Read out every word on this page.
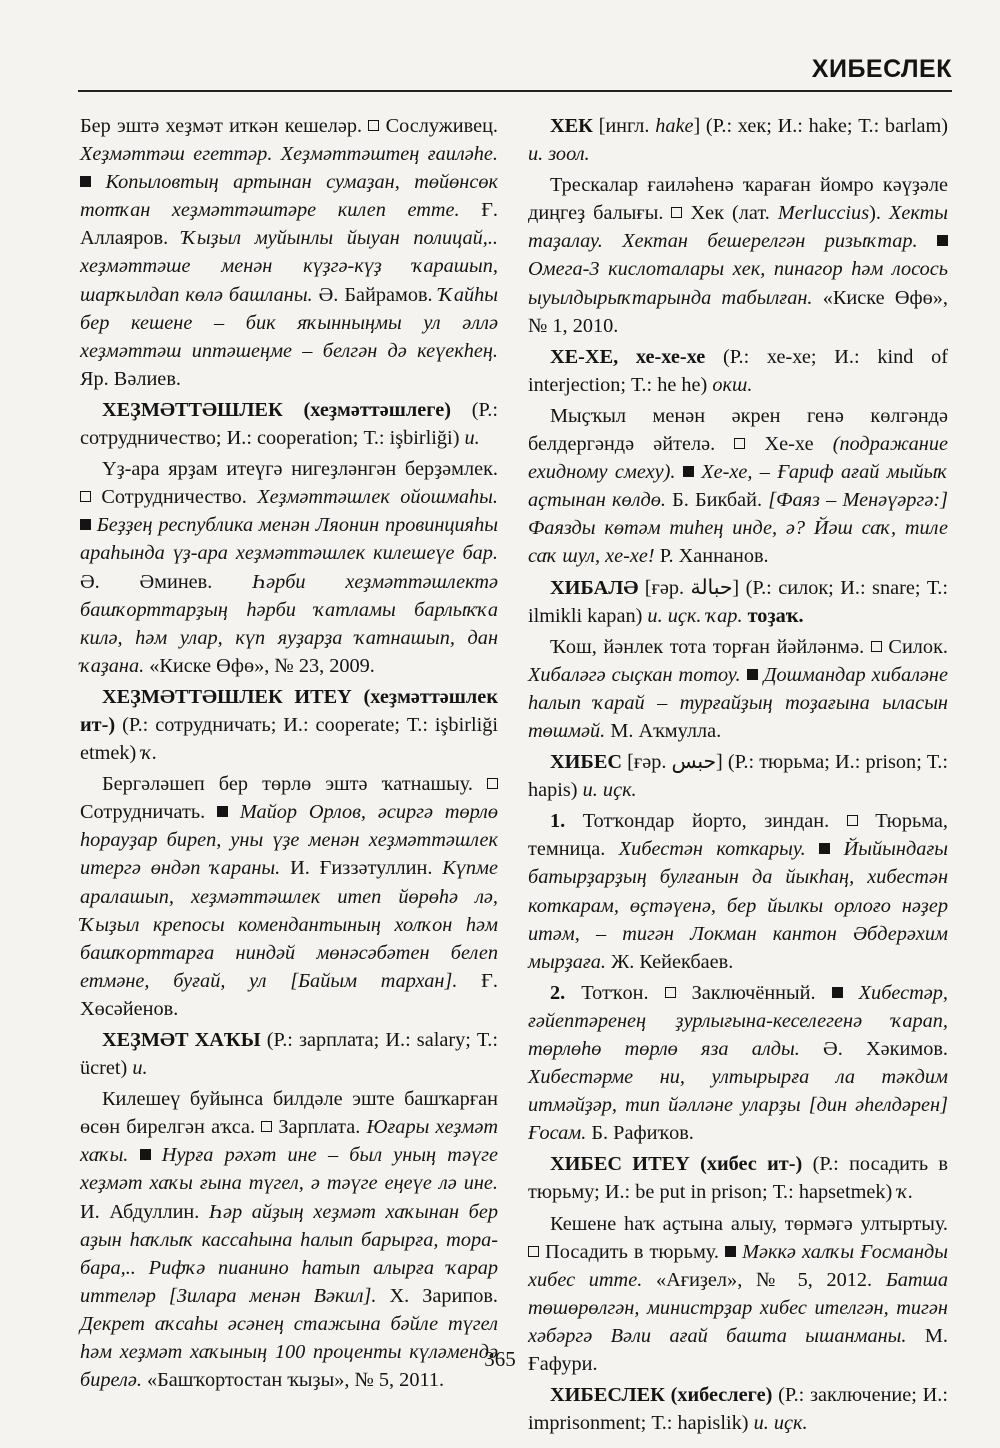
ХИБЕСЛЕК

Бер эштә хеҙмәт иткән кешеләр.  Сослуживец. Хеҙмәттәш егеттәр. Хеҙмәттәштең ғаиләһе.  Копыловтың артынан сумаҙан, төйөнсөк тотҡан хеҙмәттәштәре килеп етте. Ғ. Аллаяров. Ҡыҙыл муйынлы йыуан полицай,.. хеҙмәттәше менән күҙгә-күҙ ҡарашып, шарҡылдап көлә башланы. Ә. Байрамов. Ҡайһы бер кешене – бик яҡынныңмы ул әллә хеҙмәттәш иптәшеңме – белгән дә кеүекһең. Яр. Вәлиев.

ХЕҘМӘТТӘШЛЕК (хеҙмәттәшлеге) (Р.: сотрудничество; И.: cooperation; Т.: işbirliği) и.

Үҙ-ара ярҙам итеүгә нигеҙләнгән берҙәмлек.  Сотрудничество. Хеҙмәттәшлек ойошмаһы.  Беҙҙең республика менән Ляонин провинцияһы араһында үҙ-ара хеҙмәттәшлек килешеүе бар. Ә. Әминев. Һәрби хеҙмәттәшлектә башҡорттарҙың һәрби ҡатламы барлыҡҡа килә, һәм улар, күп яуҙарҙа ҡатнашып, дан ҡаҙана. «Киске Өфө», № 23, 2009.

ХЕҘМӘТТӘШЛЕК ИТЕҮ (хеҙмәттәшлек ит-) (Р.: сотрудничать; И.: cooperate; Т.: işbirliği etmek) ҡ.

Бергәләшеп бер төрлө эштә ҡатнашыу.  Сотрудничать.  Майор Орлов, әсиргә төрлө һорауҙар биреп, уны үҙе менән хеҙмәттәшлек итергә өндәп ҡараны. И. Ғиззәтуллин. Күпме аралашып, хеҙмәттәшлек итеп йөрөһә лә, Ҡыҙыл крепосы комендантының холҡон һәм башҡорттарға ниндәй мөнәсәбәтен белеп етмәне, буғай, ул [Байым тархан]. Ғ. Хөсәйенов.

ХЕҘМӘТ ХАҠЫ (Р.: зарплата; И.: salary; Т.: ücret) и.

Килешеү буйынса билдәле эште башҡарған өсөн бирелгән аҡса.  Зарплата. Юғары хеҙмәт хаҡы. Нурға рәхәт ине – был уның тәүге хеҙмәт хаҡы ғына түгел, ә тәүге еңеүе лә ине. И. Абдуллин. Һәр айҙың хеҙмәт хаҡынан бер аҙын һаҡлыҡ кассаһына һалып барырға, тора-бара,.. Рифҡә пианино һатып алырға ҡарар иттеләр [Зилара менән Вәкил]. Х. Зарипов. Декрет аҡсаһы әсәнең стажына бәйле түгел һәм хеҙмәт хаҡының 100 проценты күләмендә бирелә. «Башҡортостан ҡыҙы», № 5, 2011.

ХЕК [ингл. hake] (Р.: хек; И.: hake; Т.: barlam) и. зоол.

Трескалар ғаиләһенә ҡараған йомро кәүҙәле диңгеҙ балығы.  Хек (лат. Merluccius). Хекты таҙалау. Хектан бешерелгән ризыҡтар.  Омега-3 кислоталары хек, пинагор һәм лосось ыуылдырыҡтарында табылған. «Киске Өфө», № 1, 2010.

ХЕ-ХЕ, хе-хе-хе (Р.: хе-хе; И.: kind of interjection; Т.: he he) окш.

Мыҫҡыл менән әкрен генә көлгәндә белдергәндә әйтелә.  Хе-хе (подражание ехидному смеху). Хе-хе, – Ғариф ағай мыйыҡ аҫтынан көлдө. Б. Бикбай. [Фаяз – Менәүәргә:] Фаязды көтәм тиһең инде, ә? Йәш саҡ, тиле саҡ шул, хе-хе! Р. Ханнанов.

ХИБАЛӘ [ғәр. حبالة] (Р.: силок; И.: snare; Т.: ilmikli kapan) и. иҫк. ҡар. тоҙаҡ.

Ҡош, йәнлек тота торған йәйләнмә.  Силок. Хибаләгә сыҫкан тотоу. Дошмандар хибаләне һалып ҡарай – турғайҙың тоҙағына ыласын төшмәй. М. Аҡмулла.

ХИБЕС [ғәр. حبس] (Р.: тюрьма; И.: prison; Т.: hapis) и. иҫк.

1. Тотҡондар йорто, зиндан.  Тюрьма, темница. Хибестән коткарыу. Йыйындағы батырҙарҙың булғанын да йыкһаң, хибестән коткарам, өҫтәүенә, бер йылкы орлоғо нәҙер итәм, – тигән Локман кантон Әбдерәхим мырҙаға. Ж. Кейекбаев.

2. Тотҡон.  Заключённый.  Хибестәр, ғәйептәренең ҙурлығына-кеселегенә ҡарап, төрлөһө төрлө яза алды. Ә. Хәкимов. Хибестәрме ни, ултырырға ла тәкдим итмәйҙәр, тип йәлләне уларҙы [дин әһелдәрен] Ғосам. Б. Рафиҡов.

ХИБЕС ИТЕҮ (хибес ит-) (Р.: посадить в тюрьму; И.: be put in prison; Т.: hapsetmek) ҡ.

Кешене һаҡ аҫтына алыу, төрмәгә ултыртыу.  Посадить в тюрьму.  Мәккә халҡы Ғосманды хибес итте. «Ағиҙел», № 5, 2012. Батша төшөрөлгән, министрҙар хибес ителгән, тигән хәбәргә Вәли ағай башта ышанманы. М. Ғафури.

ХИБЕСЛЕК (хибеслеге) (Р.: заключение; И.: imprisonment; Т.: hapislik) и. иҫк.

365
